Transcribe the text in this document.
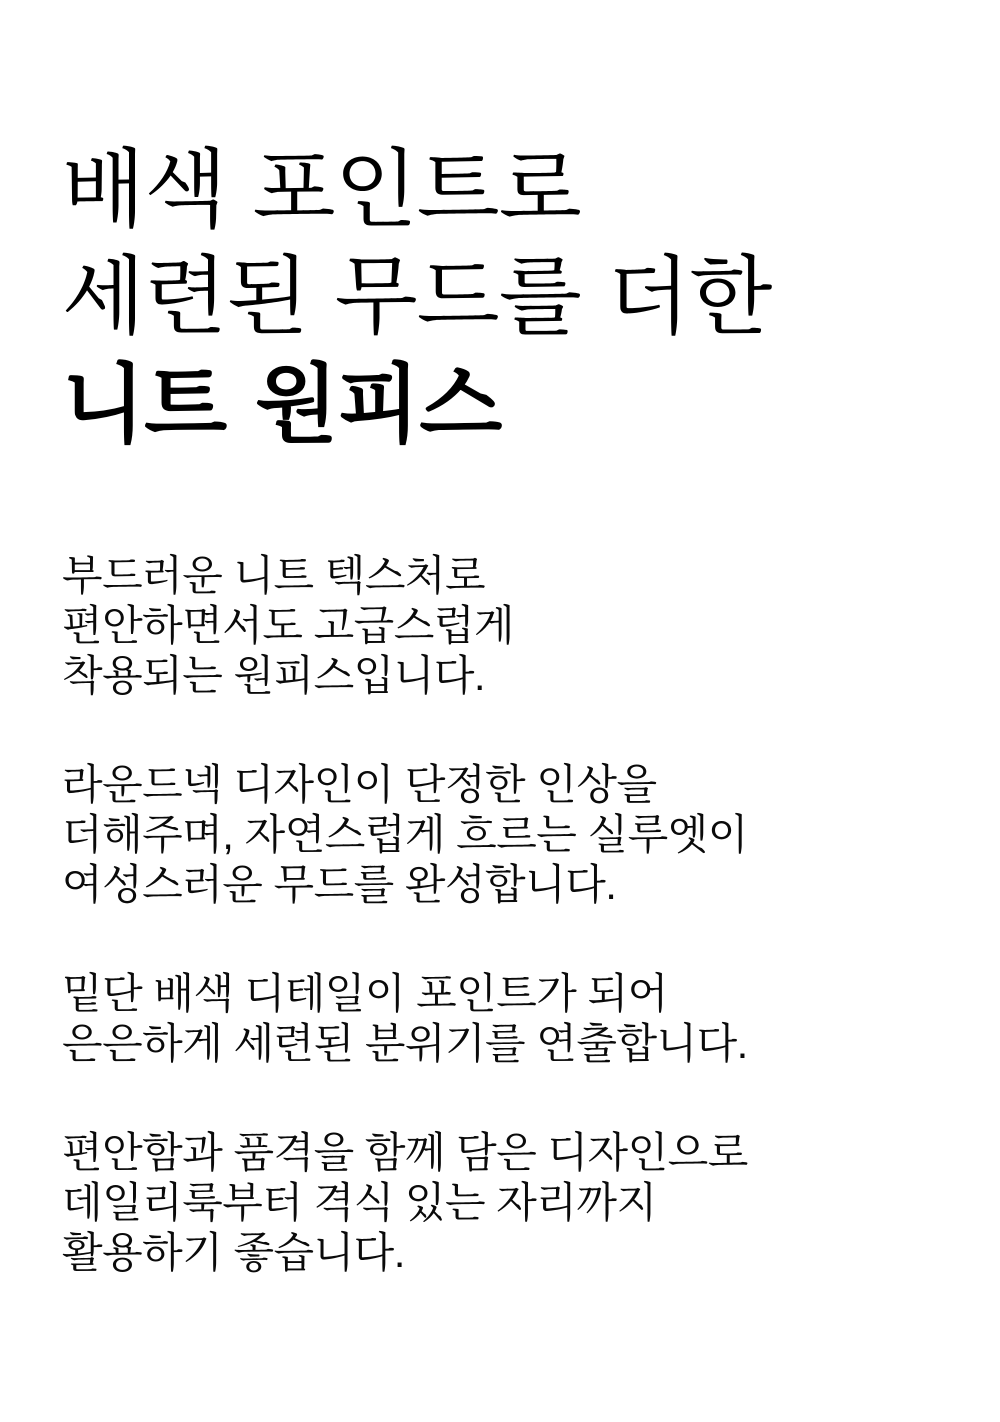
배색 포인트로
세련된 무드를 더한
니트 원피스

부드러운 니트 텍스처로
편안하면서도 고급스럽게
착용되는 원피스입니다.

라운드넥 디자인이 단정한 인상을
더해주며, 자연스럽게 흐르는 실루엣이
여성스러운 무드를 완성합니다.

밑단 배색 디테일이 포인트가 되어
은은하게 세련된 분위기를 연출합니다.

편안함과 품격을 함께 담은 디자인으로
데일리룩부터 격식 있는 자리까지
활용하기 좋습니다.
